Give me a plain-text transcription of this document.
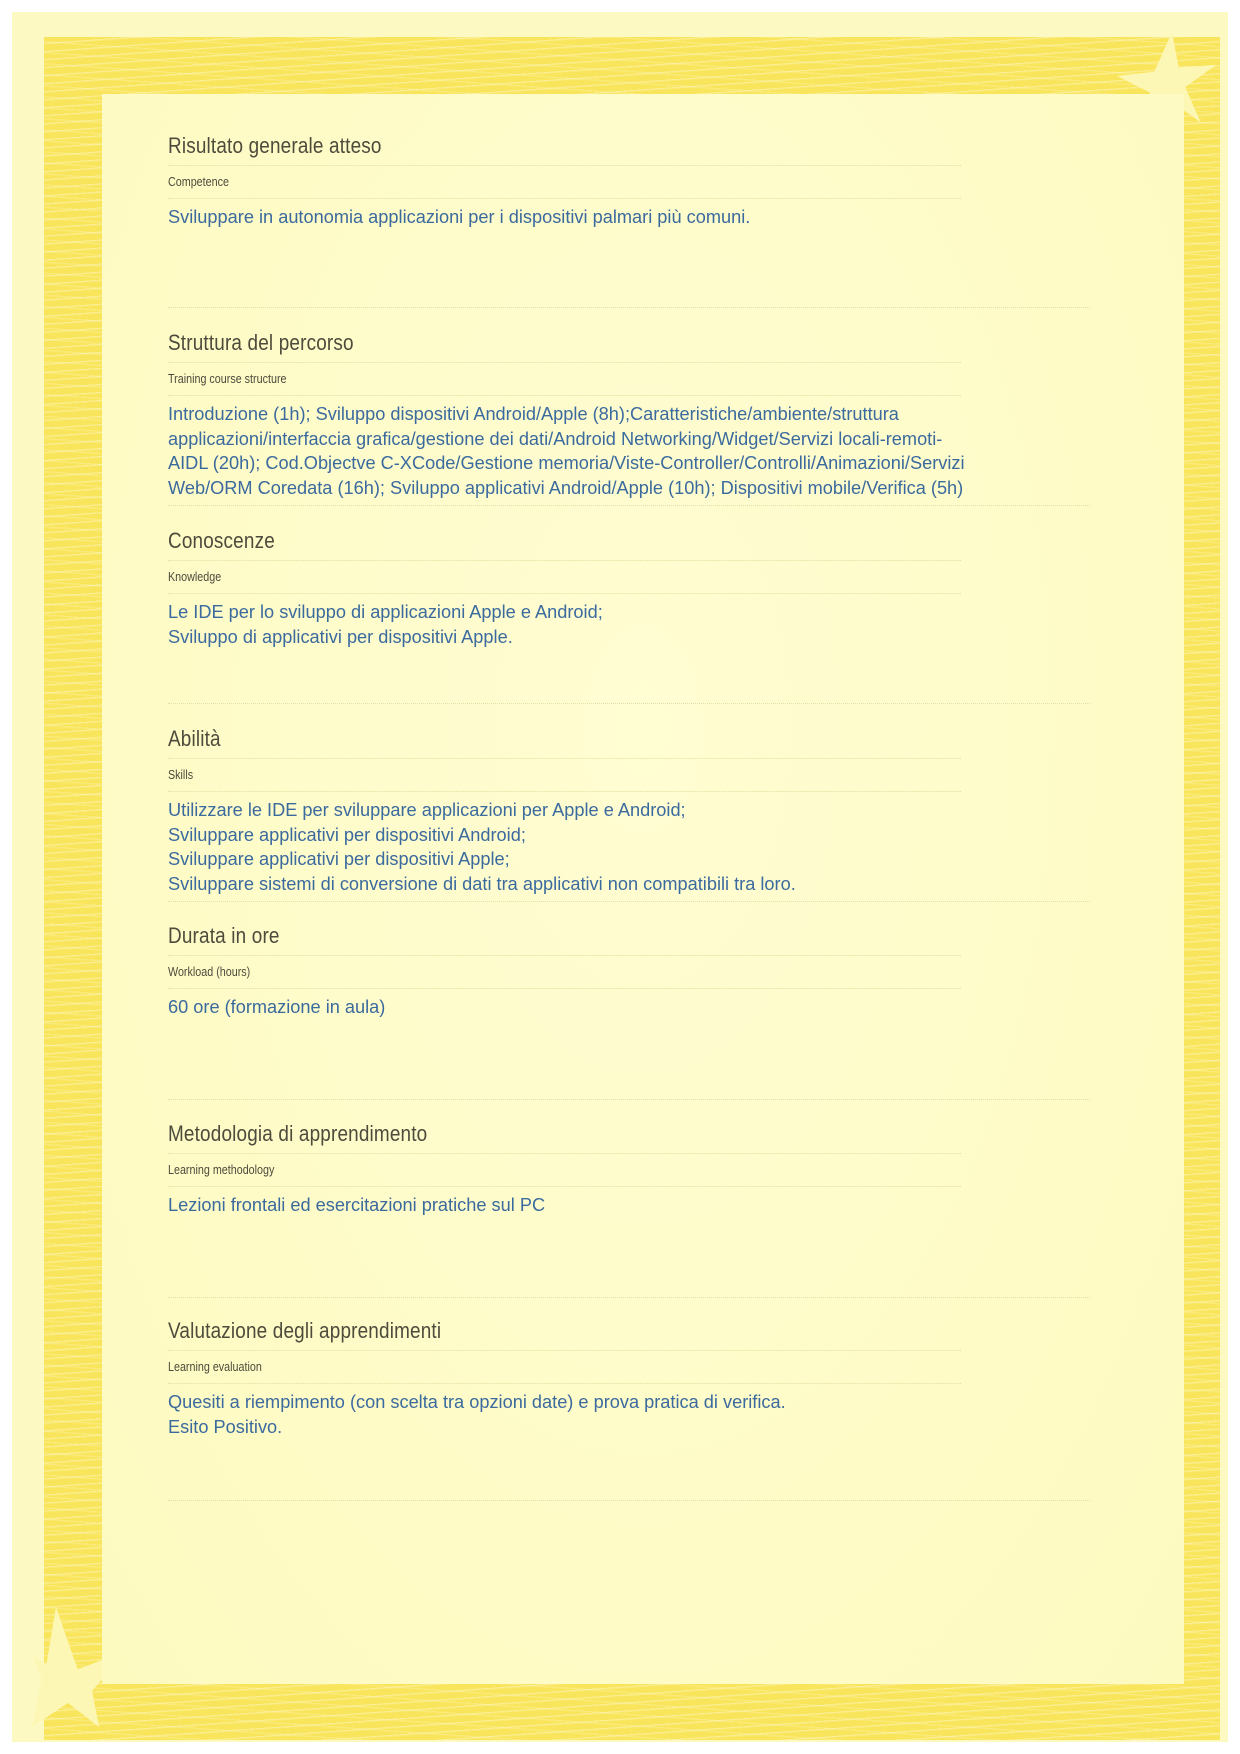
Risultato generale atteso
Competence
Sviluppare in autonomia applicazioni per i dispositivi palmari più comuni.
Struttura del percorso
Training course structure
Introduzione (1h); Sviluppo dispositivi Android/Apple (8h);Caratteristiche/ambiente/struttura
applicazioni/interfaccia grafica/gestione dei dati/Android Networking/Widget/Servizi locali-remoti-
AIDL (20h); Cod.Objectve C-XCode/Gestione memoria/Viste-Controller/Controlli/Animazioni/Servizi
Web/ORM Coredata (16h); Sviluppo applicativi Android/Apple (10h); Dispositivi mobile/Verifica (5h)
Conoscenze
Knowledge
Le IDE per lo sviluppo di applicazioni Apple e Android;
Sviluppo di applicativi per dispositivi Apple.
Abilità
Skills
Utilizzare le IDE per sviluppare applicazioni per Apple e Android;
Sviluppare applicativi per dispositivi Android;
Sviluppare applicativi per dispositivi Apple;
Sviluppare sistemi di conversione di dati tra applicativi non compatibili tra loro.
Durata in ore
Workload (hours)
60 ore (formazione in aula)
Metodologia di apprendimento
Learning methodology
Lezioni frontali ed esercitazioni pratiche sul PC
Valutazione degli apprendimenti
Learning evaluation
Quesiti a riempimento (con scelta tra opzioni date) e prova pratica di verifica.
Esito Positivo.
